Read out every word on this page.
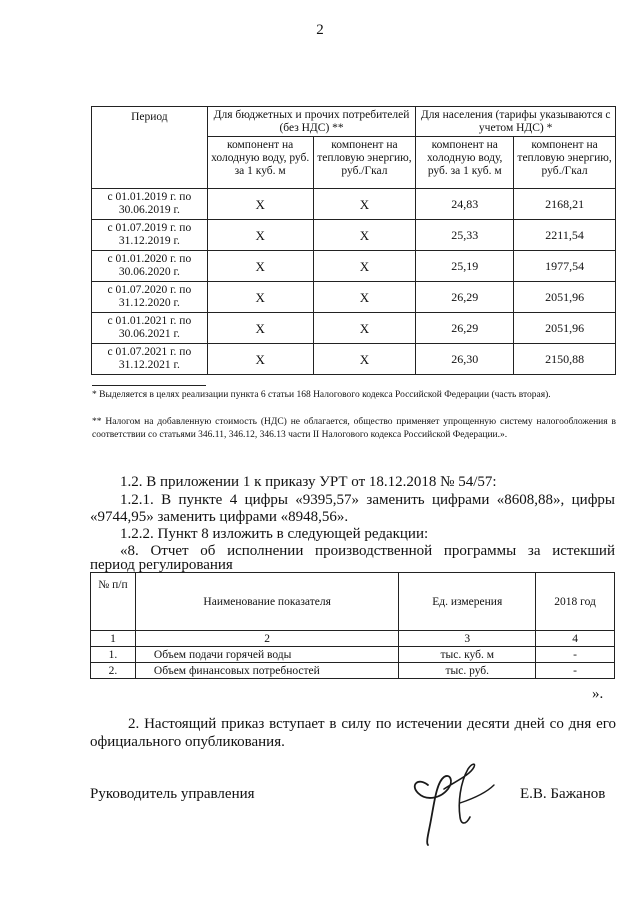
2
Период	Для бюджетных и прочих потребителей (без НДС) **		Для населения (тарифы указываются с учетом НДС) *	
	компонент на холодную воду, руб. за 1 куб. м	компонент на тепловую энергию, руб./Гкал	компонент на холодную воду, руб. за 1 куб. м	компонент на тепловую энергию, руб./Гкал
с 01.01.2019 г. по
30.06.2019 г.	Х	Х	24,83	2168,21
с 01.07.2019 г. по
31.12.2019 г.	Х	Х	25,33	2211,54
с 01.01.2020 г. по
30.06.2020 г.	Х	Х	25,19	1977,54
с 01.07.2020 г. по
31.12.2020 г.	Х	Х	26,29	2051,96
с 01.01.2021 г. по
30.06.2021 г.	Х	Х	26,29	2051,96
с 01.07.2021 г. по
31.12.2021 г.	Х	Х	26,30	2150,88
* Выделяется в целях реализации пункта 6 статьи 168 Налогового кодекса Российской Федерации (часть вторая).
** Налогом на добавленную стоимость (НДС) не облагается, общество применяет упрощенную систему налогообложения в соответствии со статьями 346.11, 346.12, 346.13 части II Налогового кодекса Российской Федерации.».
1.2. В приложении 1 к приказу УРТ от 18.12.2018 № 54/57:
1.2.1. В пункте 4 цифры «9395,57» заменить цифрами «8608,88», цифры
«9744,95» заменить цифрами «8948,56».
1.2.2. Пункт 8 изложить в следующей редакции:
«8. Отчет об исполнении производственной программы за истекший
период регулирования
№ п/п	Наименование показателя	Ед. измерения	2018 год
1	2	3	4
1.	Объем подачи горячей воды	тыс. куб. м	-
2.	Объем финансовых потребностей	тыс. руб.	-
».
2. Настоящий приказ вступает в силу по истечении десяти дней со дня его
официального опубликования.
Руководитель управления	Е.В. Бажанов
